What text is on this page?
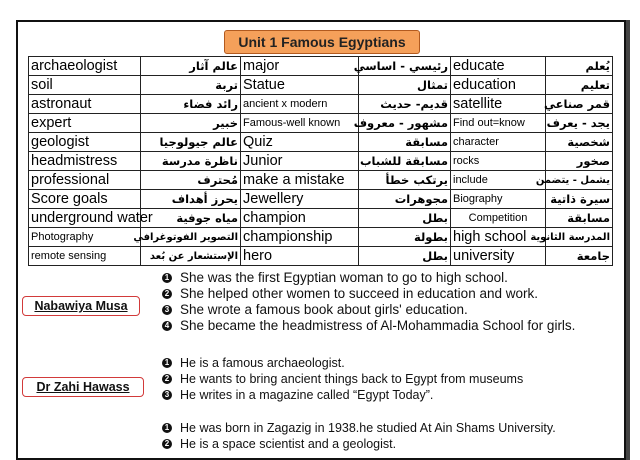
Unit 1 Famous Egyptians
archaeologist	عالم آثار	major	رئيسي - اساسي	educate	يُعلم
soil	تربة	Statue	تمثال	education	تعليم
astronaut	رائد فضاء	ancient x modern	قديم- حديث	satellite	قمر صناعي
expert	خبير	Famous-well known	مشهور - معروف	Find out=know	يجد - يعرف
geologist	عالم جيولوجيا	Quiz	مسابقة	character	شخصية
headmistress	ناظرة مدرسة	Junior	مسابقة للشباب	rocks	صخور
professional	مُحترف	make a mistake	يرتكب خطأ	include	يشمل - يتضمن
Score goals	يحرز أهداف	Jewellery	مجوهرات	Biography	سيرة ذاتية
underground water	مياه جوفية	champion	بطل	Competition	مسابقة
Photography	التصوير الفوتوغرافي	championship	بطولة	high school	المدرسة الثانوية
remote sensing	الإستشعار عن بُعد	hero	بطل	university	جامعة
Nabawiya Musa
1 She was the first Egyptian woman to go to high school.
2 She helped other women to succeed in education and work.
3 She wrote a famous book about girls' education.
4 She became the headmistress of Al-Mohammadia School for girls.
Dr Zahi Hawass
1 He is a famous archaeologist.
2 He wants to bring ancient things back to Egypt from museums
3 He writes in a magazine called “Egypt Today”.
1 He was born in Zagazig in 1938.he studied At Ain Shams University.
2 He is a space scientist and a geologist.
